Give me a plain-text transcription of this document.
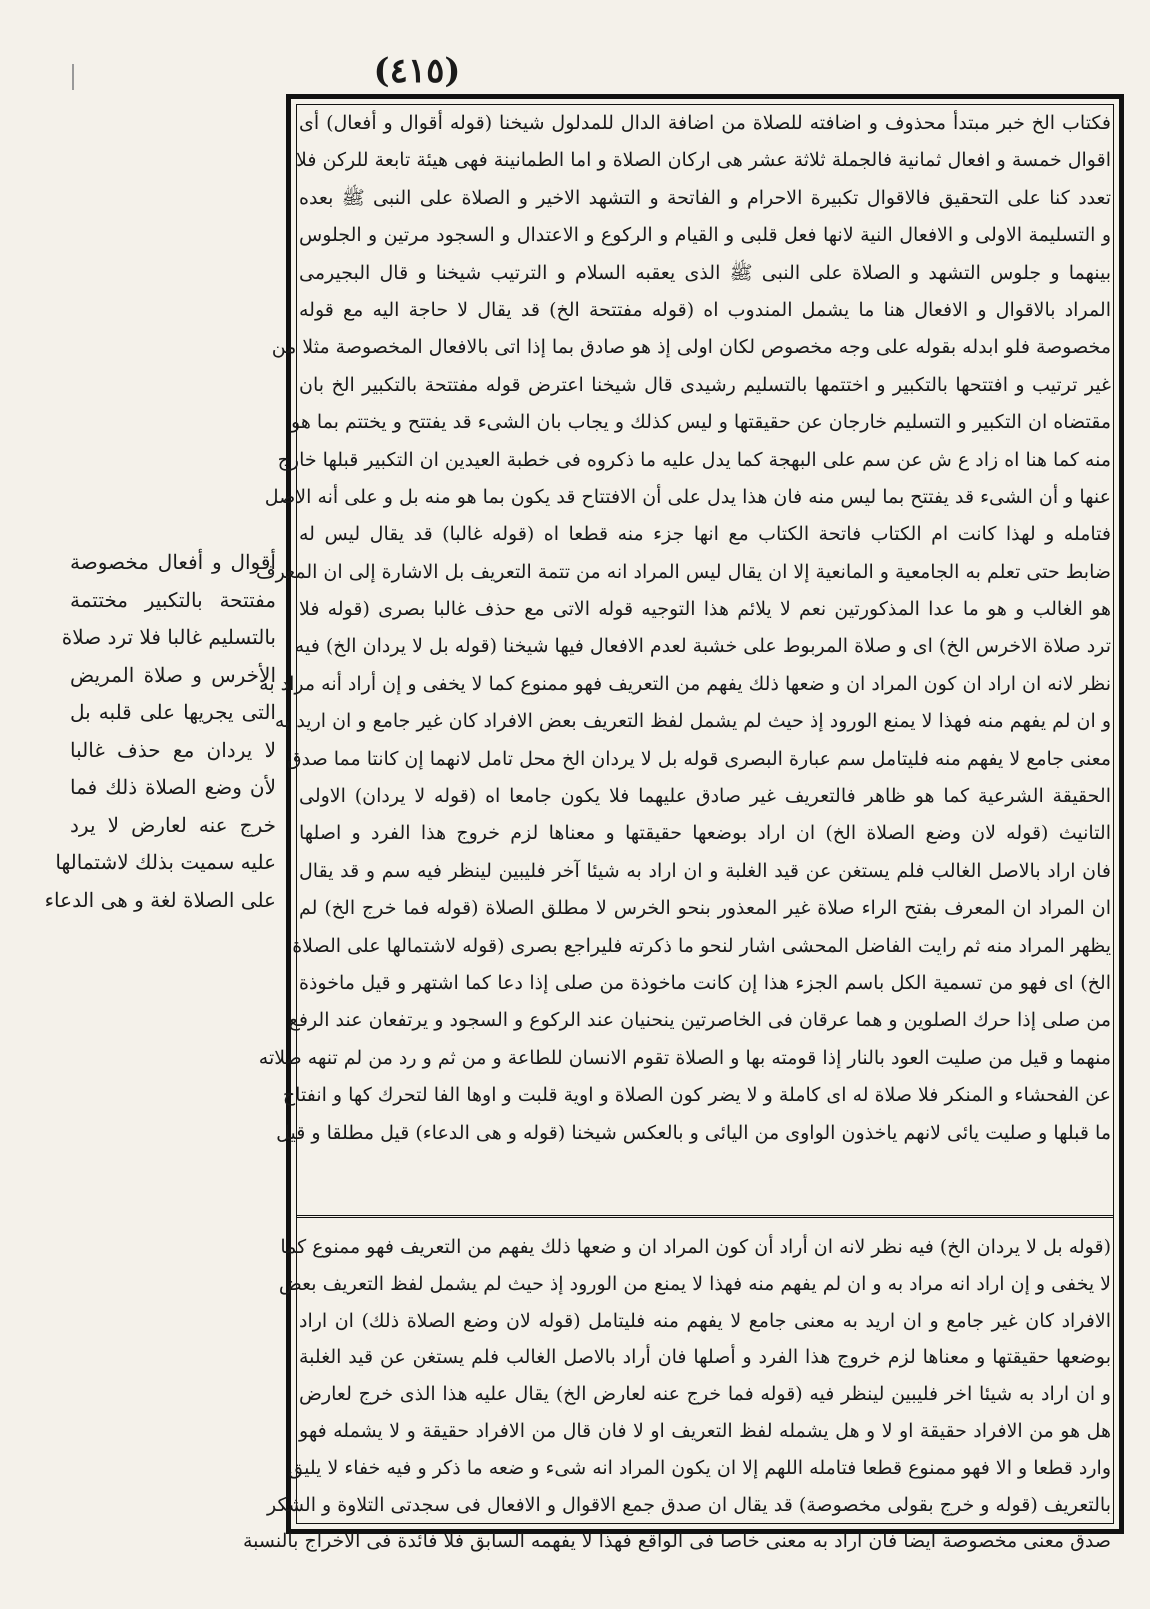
(٤١٥)
فكتاب الخ خبر مبتدأ محذوف و اضافته للصلاة من اضافة الدال للمدلول شيخنا (قوله أقوال و أفعال) أى
اقوال خمسة و افعال ثمانية فالجملة ثلاثة عشر هى اركان الصلاة و اما الطمانينة فهى هيئة تابعة للركن فلا
تعدد كنا على التحقيق فالاقوال تكبيرة الاحرام و الفاتحة و التشهد الاخير و الصلاة على النبى ﷺ بعده
و التسليمة الاولى و الافعال النية لانها فعل قلبى و القيام و الركوع و الاعتدال و السجود مرتين و الجلوس
بينهما و جلوس التشهد و الصلاة على النبى ﷺ الذى يعقبه السلام و الترتيب شيخنا و قال البجيرمى
المراد بالاقوال و الافعال هنا ما يشمل المندوب اه (قوله مفتتحة الخ) قد يقال لا حاجة اليه مع قوله
مخصوصة فلو ابدله بقوله على وجه مخصوص لكان اولى إذ هو صادق بما إذا اتى بالافعال المخصوصة مثلا من
غير ترتيب و افتتحها بالتكبير و اختتمها بالتسليم رشيدى قال شيخنا اعترض قوله مفتتحة بالتكبير الخ بان
مقتضاه ان التكبير و التسليم خارجان عن حقيقتها و ليس كذلك و يجاب بان الشىء قد يفتتح و يختتم بما هو
منه كما هنا اه زاد ع ش عن سم على البهجة كما يدل عليه ما ذكروه فى خطبة العيدين ان التكبير قبلها خارج
عنها و أن الشىء قد يفتتح بما ليس منه فان هذا يدل على أن الافتتاح قد يكون بما هو منه بل و على أنه الاصل
فتامله و لهذا كانت ام الكتاب فاتحة الكتاب مع انها جزء منه قطعا اه (قوله غالبا) قد يقال ليس له
ضابط حتى تعلم به الجامعية و المانعية إلا ان يقال ليس المراد انه من تتمة التعريف بل الاشارة إلى ان المعرف
هو الغالب و هو ما عدا المذكورتين نعم لا يلائم هذا التوجيه قوله الاتى مع حذف غالبا بصرى (قوله فلا
ترد صلاة الاخرس الخ) اى و صلاة المربوط على خشبة لعدم الافعال فيها شيخنا (قوله بل لا يردان الخ) فيه
نظر لانه ان اراد ان كون المراد ان و ضعها ذلك يفهم من التعريف فهو ممنوع كما لا يخفى و إن أراد أنه مراد به
و ان لم يفهم منه فهذا لا يمنع الورود إذ حيث لم يشمل لفظ التعريف بعض الافراد كان غير جامع و ان اريد به
معنى جامع لا يفهم منه فليتامل سم عبارة البصرى قوله بل لا يردان الخ محل تامل لانهما إن كانتا مما صدق
الحقيقة الشرعية كما هو ظاهر فالتعريف غير صادق عليهما فلا يكون جامعا اه (قوله لا يردان) الاولى
التانيث (قوله لان وضع الصلاة الخ) ان اراد بوضعها حقيقتها و معناها لزم خروج هذا الفرد و اصلها
فان اراد بالاصل الغالب فلم يستغن عن قيد الغلبة و ان اراد به شيئا آخر فليبين لينظر فيه سم و قد يقال
ان المراد ان المعرف بفتح الراء صلاة غير المعذور بنحو الخرس لا مطلق الصلاة (قوله فما خرج الخ) لم
يظهر المراد منه ثم رايت الفاضل المحشى اشار لنحو ما ذكرته فليراجع بصرى (قوله لاشتمالها على الصلاة
الخ) اى فهو من تسمية الكل باسم الجزء هذا إن كانت ماخوذة من صلى إذا دعا كما اشتهر و قيل ماخوذة
من صلى إذا حرك الصلوين و هما عرقان فى الخاصرتين ينحنيان عند الركوع و السجود و يرتفعان عند الرفع
منهما و قيل من صليت العود بالنار إذا قومته بها و الصلاة تقوم الانسان للطاعة و من ثم و رد من لم تنهه صلاته
عن الفحشاء و المنكر فلا صلاة له اى كاملة و لا يضر كون الصلاة و اوية قلبت و اوها الفا لتحرك كها و انفتاح
ما قبلها و صليت يائى لانهم ياخذون الواوى من اليائى و بالعكس شيخنا (قوله و هى الدعاء) قيل مطلقا و قيل
(قوله بل لا يردان الخ) فيه نظر لانه ان أراد أن كون المراد ان و ضعها ذلك يفهم من التعريف فهو ممنوع كما
لا يخفى و إن اراد انه مراد به و ان لم يفهم منه فهذا لا يمنع من الورود إذ حيث لم يشمل لفظ التعريف بعض
الافراد كان غير جامع و ان اريد به معنى جامع لا يفهم منه فليتامل (قوله لان وضع الصلاة ذلك) ان اراد
بوضعها حقيقتها و معناها لزم خروج هذا الفرد و أصلها فان أراد بالاصل الغالب فلم يستغن عن قيد الغلبة
و ان اراد به شيئا اخر فليبين لينظر فيه (قوله فما خرج عنه لعارض الخ) يقال عليه هذا الذى خرج لعارض
هل هو من الافراد حقيقة او لا و هل يشمله لفظ التعريف او لا فان قال من الافراد حقيقة و لا يشمله فهو
وارد قطعا و الا فهو ممنوع قطعا فتامله اللهم إلا ان يكون المراد انه شىء و ضعه ما ذكر و فيه خفاء لا يليق
بالتعريف (قوله و خرج بقولى مخصوصة) قد يقال ان صدق جمع الاقوال و الافعال فى سجدتى التلاوة و الشكر
صدق معنى مخصوصة ايضا فان اراد به معنى خاصا فى الواقع فهذا لا يفهمه السابق فلا فائدة فى الاخراج بالنسبة
أقوال و أفعال مخصوصة
مفتتحة بالتكبير مختتمة
بالتسليم غالبا فلا ترد صلاة
الأخرس و صلاة المريض
التى يجريها على قلبه بل
لا يردان مع حذف غالبا
لأن وضع الصلاة ذلك فما
خرج عنه لعارض لا يرد
عليه سميت بذلك لاشتمالها
على الصلاة لغة و هى الدعاء
